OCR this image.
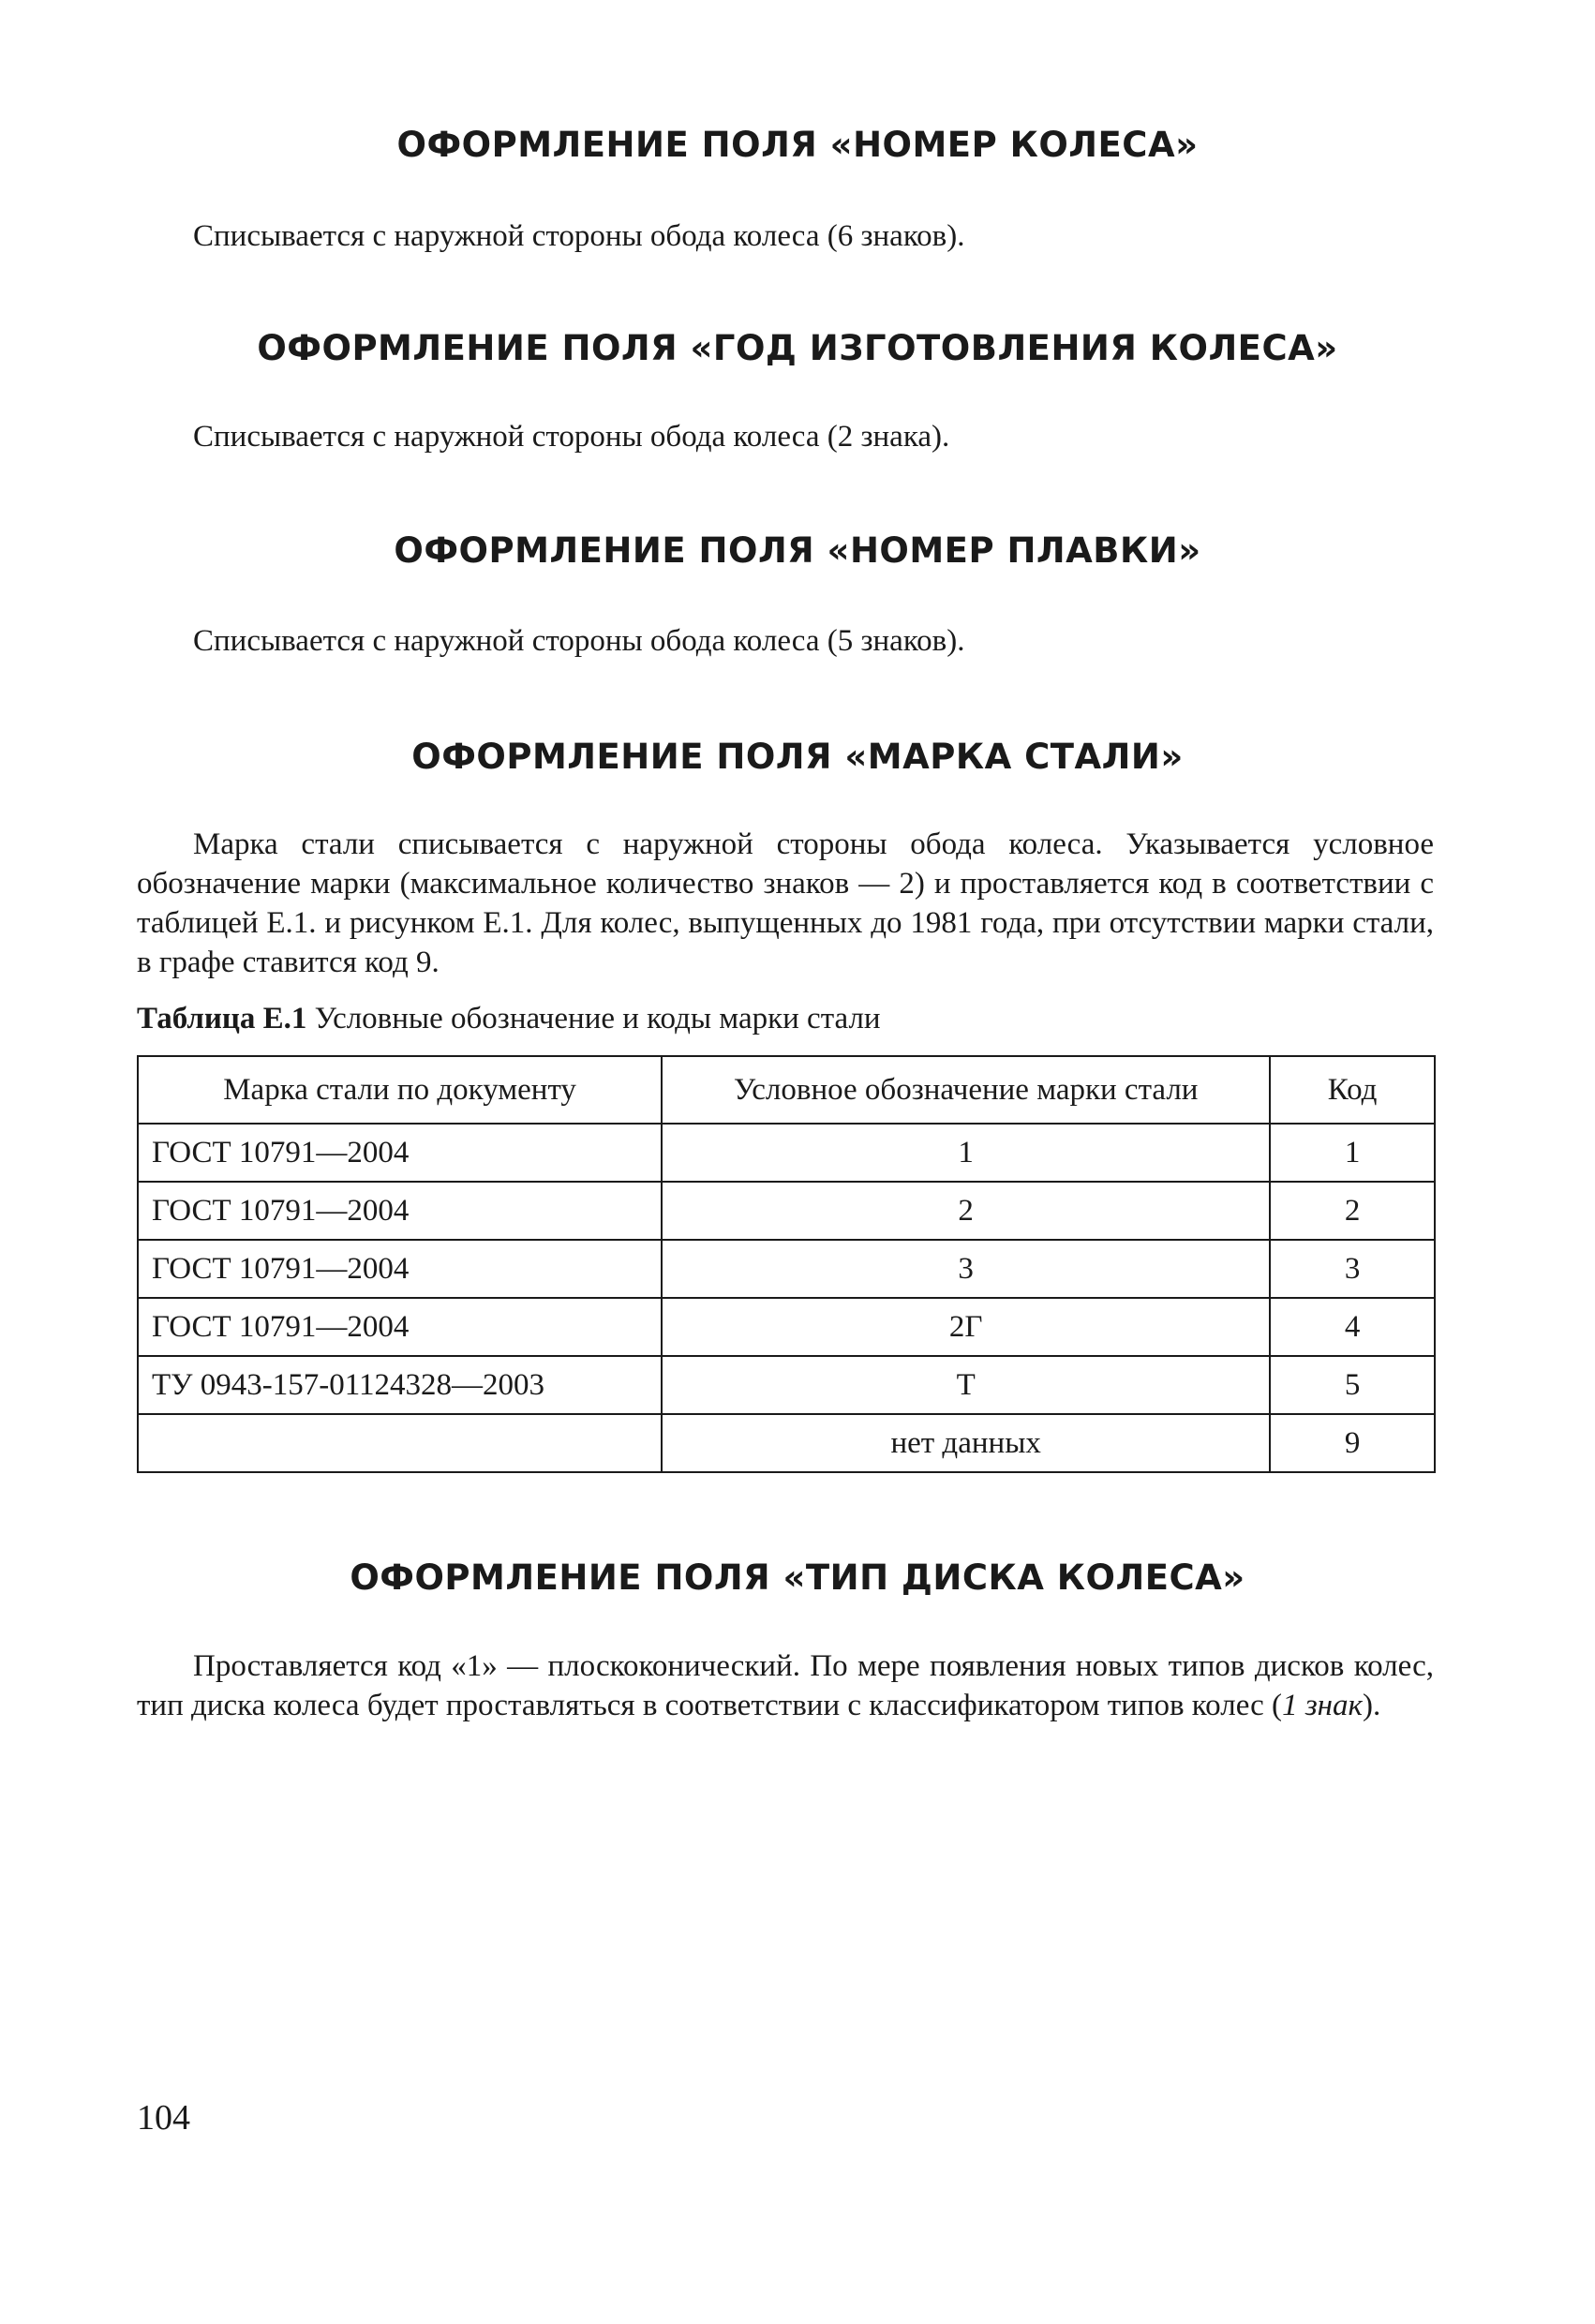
ОФОРМЛЕНИЕ ПОЛЯ «НОМЕР КОЛЕСА»

Списывается с наружной стороны обода колеса (6 знаков).

ОФОРМЛЕНИЕ ПОЛЯ «ГОД ИЗГОТОВЛЕНИЯ КОЛЕСА»

Списывается с наружной стороны обода колеса (2 знака).

ОФОРМЛЕНИЕ ПОЛЯ «НОМЕР ПЛАВКИ»

Списывается с наружной стороны обода колеса (5 знаков).

ОФОРМЛЕНИЕ ПОЛЯ «МАРКА СТАЛИ»

Марка стали списывается с наружной стороны обода колеса. Указывается условное обозначение марки (максимальное количество знаков — 2) и проставляется код в соответствии с таблицей Е.1. и рисунком Е.1. Для колес, выпущенных до 1981 года, при отсутствии марки стали, в графе ставится код 9.

Таблица Е.1 Условные обозначение и коды марки стали

Марка стали по документу	Условное обозначение марки стали	Код
ГОСТ 10791—2004	1	1
ГОСТ 10791—2004	2	2
ГОСТ 10791—2004	3	3
ГОСТ 10791—2004	2Г	4
ТУ 0943-157-01124328—2003	Т	5
	нет данных	9
ОФОРМЛЕНИЕ ПОЛЯ «ТИП ДИСКА КОЛЕСА»

Проставляется код «1» — плоскоконический. По мере появления новых типов дисков колес, тип диска колеса будет проставляться в соответствии с классификатором типов колес (1 знак).

104
